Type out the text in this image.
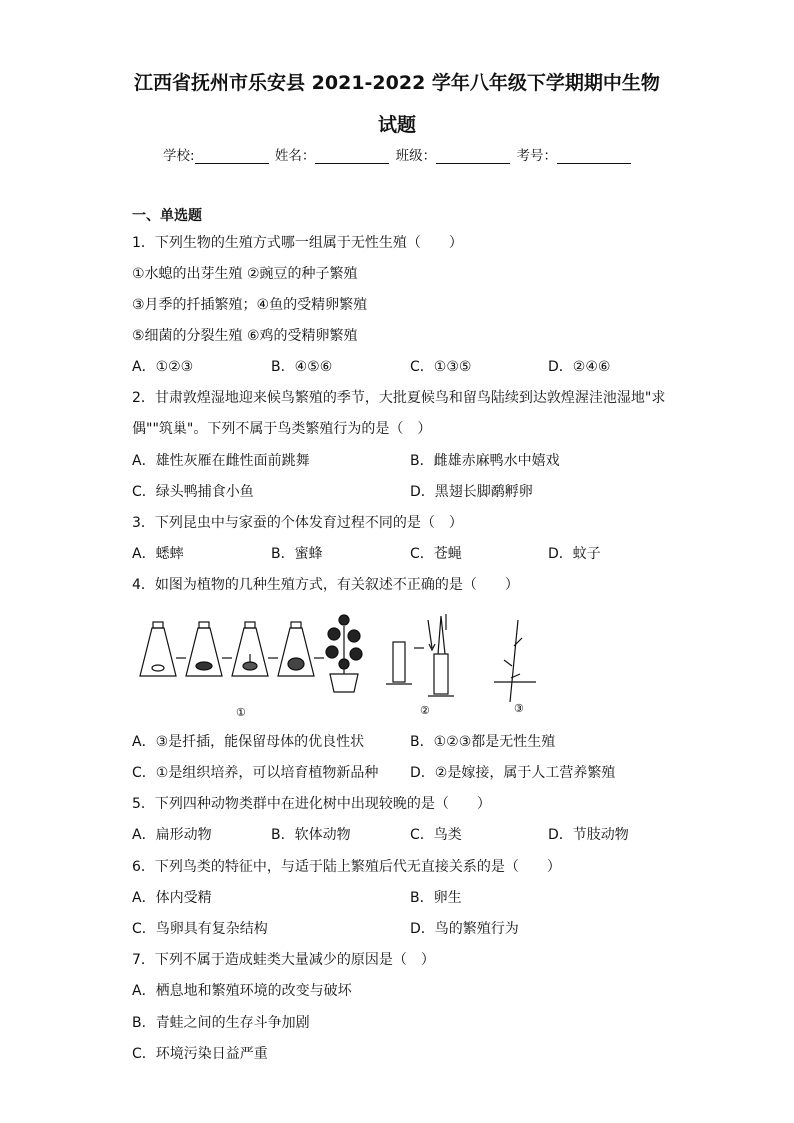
江西省抚州市乐安县 2021-2022 学年八年级下学期期中生物
试题
学校:	姓名：	班级：	考号：
一、单选题
1．下列生物的生殖方式哪一组属于无性生殖（　　）
①水螅的出芽生殖 ②豌豆的种子繁殖
③月季的扦插繁殖；④鱼的受精卵繁殖
⑤细菌的分裂生殖 ⑥鸡的受精卵繁殖
A．①②③	B．④⑤⑥	C．①③⑤	D．②④⑥
2．甘肃敦煌湿地迎来候鸟繁殖的季节，大批夏候鸟和留鸟陆续到达敦煌渥洼池湿地"求
偶""筑巢"。下列不属于鸟类繁殖行为的是（　）
A．雄性灰雁在雌性面前跳舞	B．雌雄赤麻鸭水中嬉戏
C．绿头鸭捕食小鱼	D．黑翅长脚鹬孵卵
3．下列昆虫中与家蚕的个体发育过程不同的是（　）
A．蟋蟀	B．蜜蜂	C．苍蝇	D．蚊子
4．如图为植物的几种生殖方式，有关叙述不正确的是（　　）
①	②	③
A．③是扦插，能保留母体的优良性状	B．①②③都是无性生殖
C．①是组织培养，可以培育植物新品种 D．②是嫁接，属于人工营养繁殖
5．下列四种动物类群中在进化树中出现较晚的是（　　）
A．扁形动物	B．软体动物	C．鸟类	D．节肢动物
6．下列鸟类的特征中，与适于陆上繁殖后代无直接关系的是（　　）
A．体内受精	B．卵生
C．鸟卵具有复杂结构	D．鸟的繁殖行为
7．下列不属于造成蛙类大量减少的原因是（　）
A．栖息地和繁殖环境的改变与破坏
B．青蛙之间的生存斗争加剧
C．环境污染日益严重
